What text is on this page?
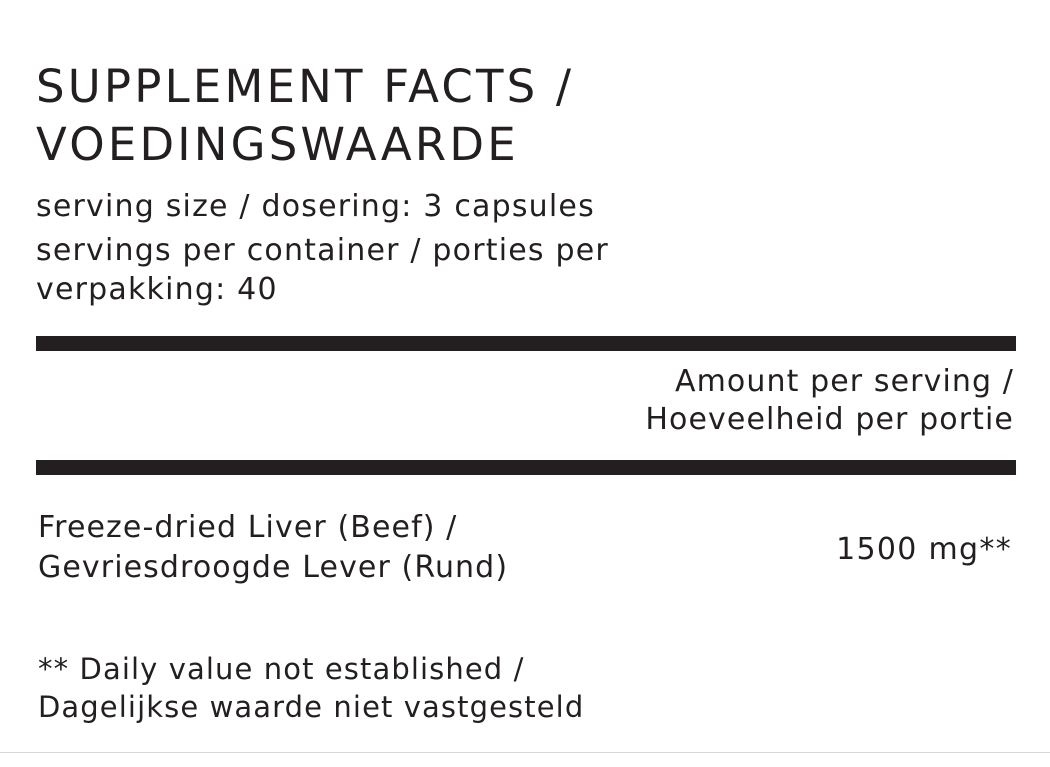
SUPPLEMENT FACTS / VOEDINGSWAARDE

serving size / dosering: 3 capsules

servings per container / porties per

verpakking: 40

Amount per serving /
Hoeveelheid per portie
Freeze-dried Liver (Beef) /
Gevriesdroogde Lever (Rund)
1500 mg**
** Daily value not established /
Dagelijkse waarde niet vastgesteld
